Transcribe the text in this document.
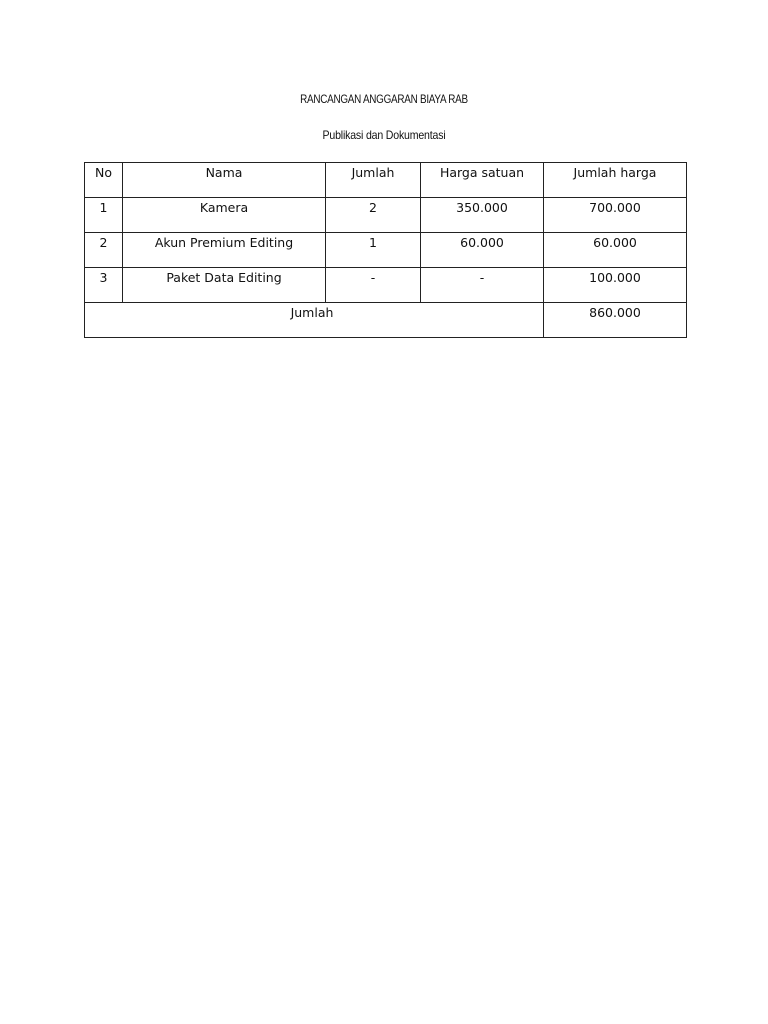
RANCANGAN ANGGARAN BIAYA RAB
Publikasi dan Dokumentasi
No	Nama	Jumlah	Harga satuan	Jumlah harga
1	Kamera	2	350.000	700.000
2	Akun Premium Editing	1	60.000	60.000
3	Paket Data Editing	-	-	100.000
Jumlah				860.000
